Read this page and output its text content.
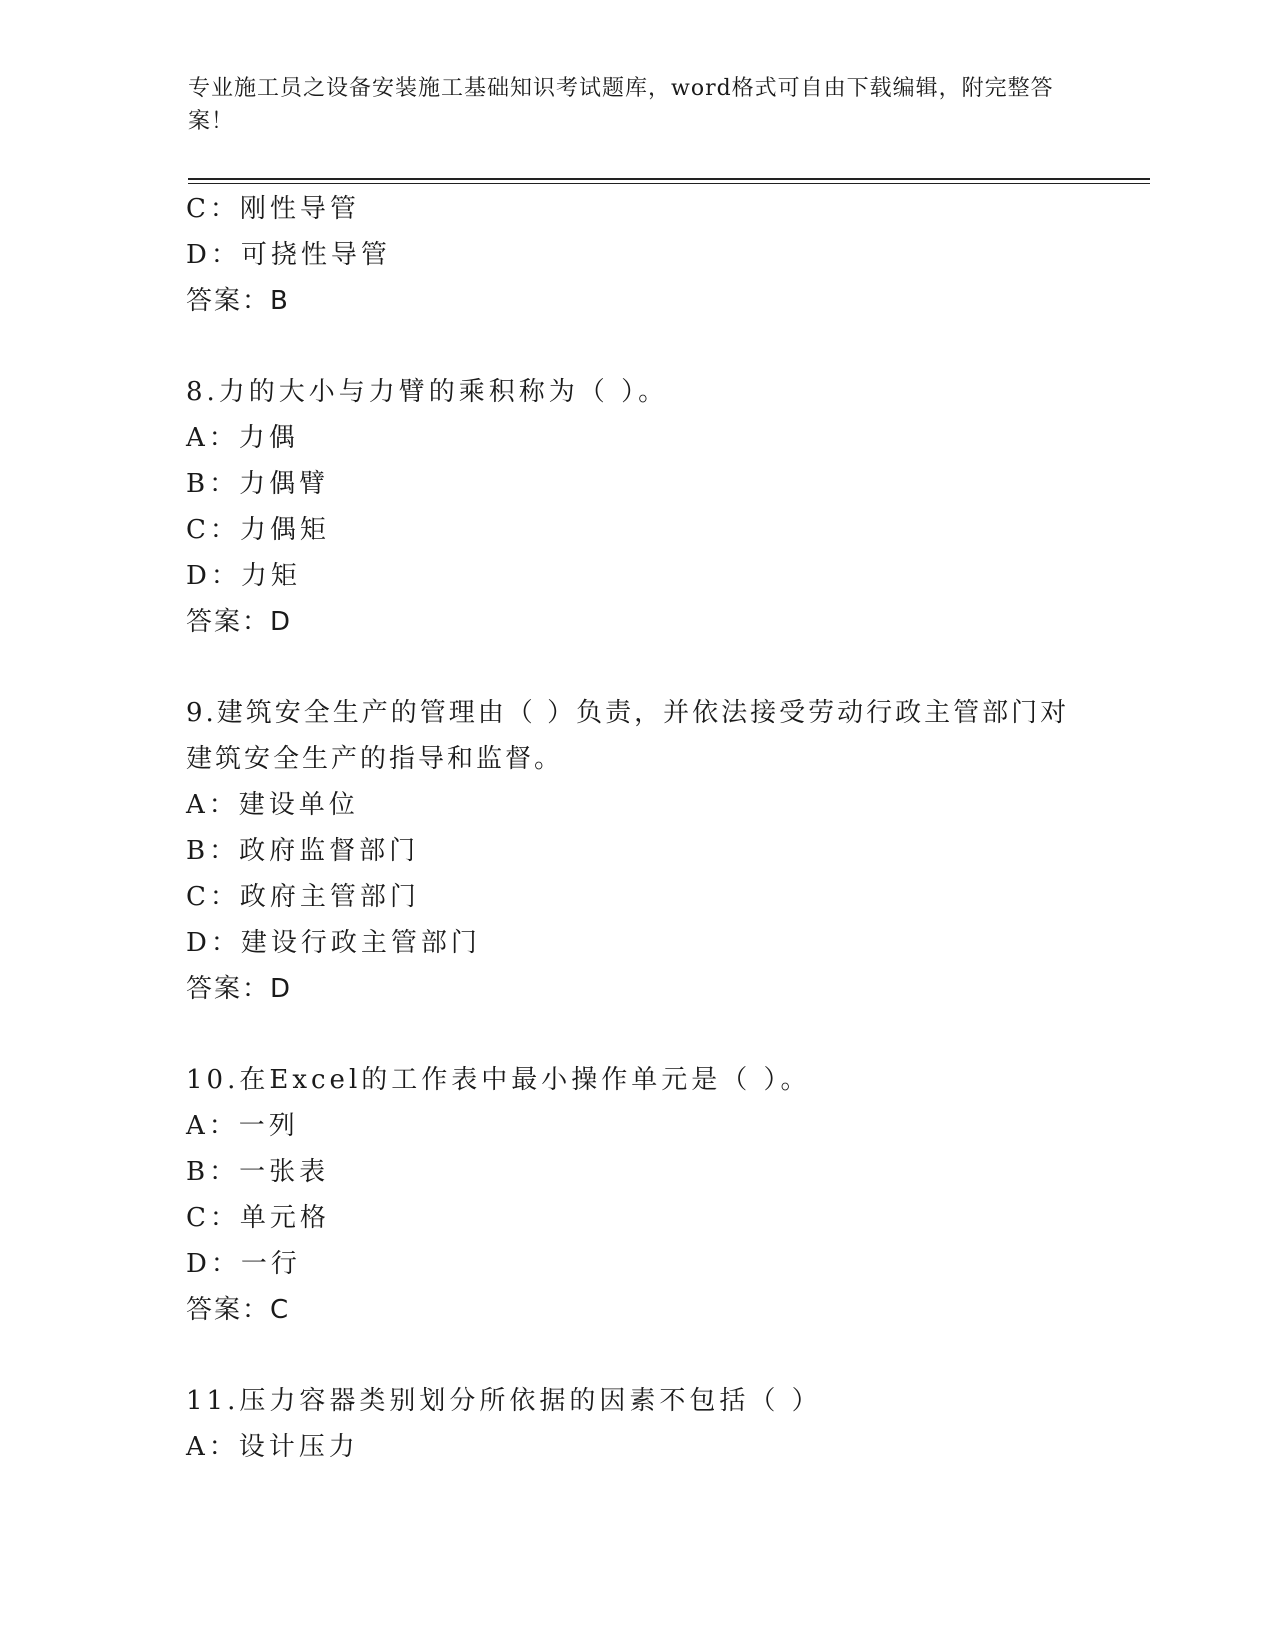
专业施工员之设备安装施工基础知识考试题库，word格式可自由下载编辑，附完整答案！
C：刚性导管
D：可挠性导管
答案：B
8.力的大小与力臂的乘积称为（ ）。
A：力偶
B：力偶臂
C：力偶矩
D：力矩
答案：D
9.建筑安全生产的管理由（ ）负责，并依法接受劳动行政主管部门对建筑安全生产的指导和监督。
A：建设单位
B：政府监督部门
C：政府主管部门
D：建设行政主管部门
答案：D
10.在Excel的工作表中最小操作单元是（ ）。
A：一列
B：一张表
C：单元格
D：一行
答案：C
11.压力容器类别划分所依据的因素不包括（ ）
A：设计压力
